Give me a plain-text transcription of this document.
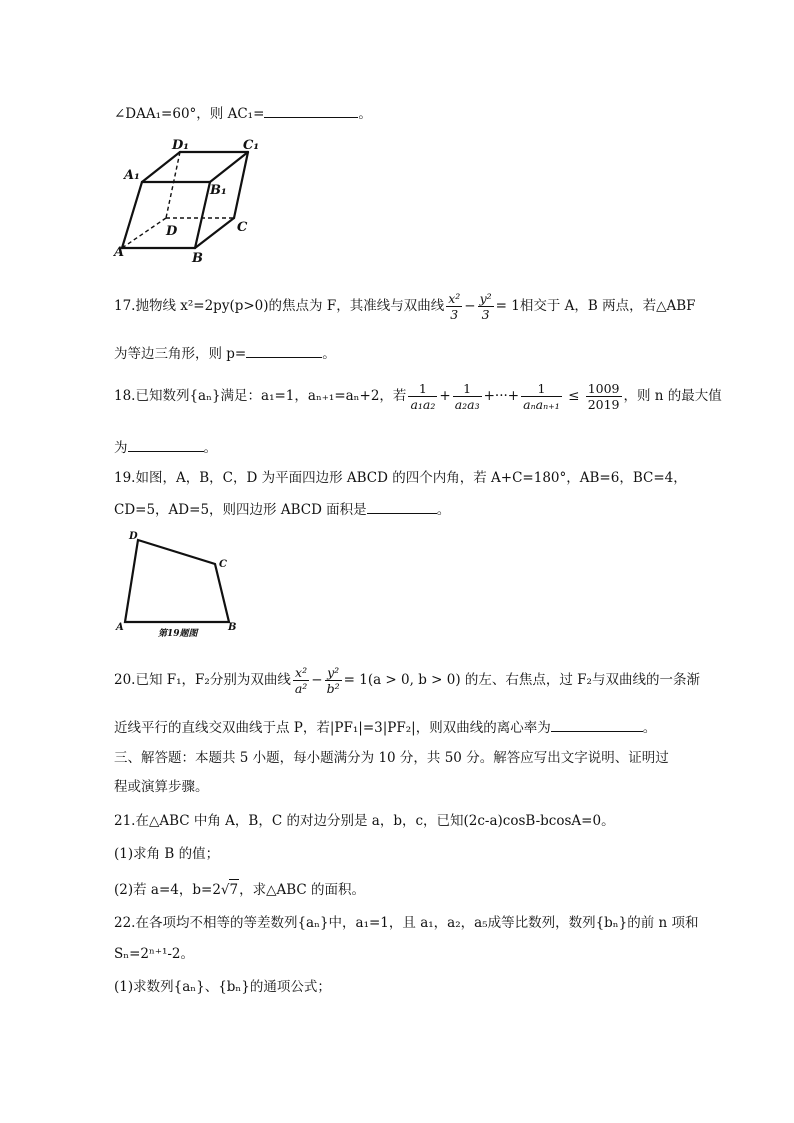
∠DAA₁=60°，则 AC₁=	。
D₁	C₁
A₁
B₁
D	C
A	B
17.抛物线 x²=2py(p>0)的焦点为 F，其准线与双曲线 $\frac{\text{x²}}{3} - \frac{\text{y²}}{3} = 1$相交于 A，B 两点，若△ABF
为等边三角形，则 p=	。
18.已知数列{aₙ}满足：a₁=1，aₙ₊₁=aₙ+2，若 $\frac{1}{\text{a₁a₂}} + \frac{1}{\text{a₂a₃}}$ +···+ $\frac{1}{\text{aₙaₙ₊₁}} \le \frac{1009}{2019}$ ，则 n 的最大值
为	。
19.如图，A，B，C，D 为平面四边形 ABCD 的四个内角，若 A+C=180°，AB=6，BC=4，
CD=5，AD=5，则四边形 ABCD 面积是	。
D
C
A	B
第19题图
20.已知 F₁，F₂分别为双曲线 $\frac{\text{x²}}{\text{a²}} - \frac{\text{y²}}{\text{b²}} = 1(a > 0$, b > 0) 的左、右焦点，过 F₂与双曲线的一条渐
近线平行的直线交双曲线于点 P，若|PF₁|=3|PF₂|，则双曲线的离心率为	。
三、解答题：本题共 5 小题，每小题满分为 10 分，共 50 分。解答应写出文字说明、证明过
程或演算步骤。
21.在△ABC 中角 A，B，C 的对边分别是 a，b，c，已知(2c-a)cosB-bcosA=0。
(1)求角 B 的值；
(2)若 a=4，b=2√7，求△ABC 的面积。
22.在各项均不相等的等差数列{aₙ}中，a₁=1，且 a₁，a₂，a₅成等比数列，数列{bₙ}的前 n 项和
Sₙ=2ⁿ⁺¹-2。
(1)求数列{aₙ}、{bₙ}的通项公式；
